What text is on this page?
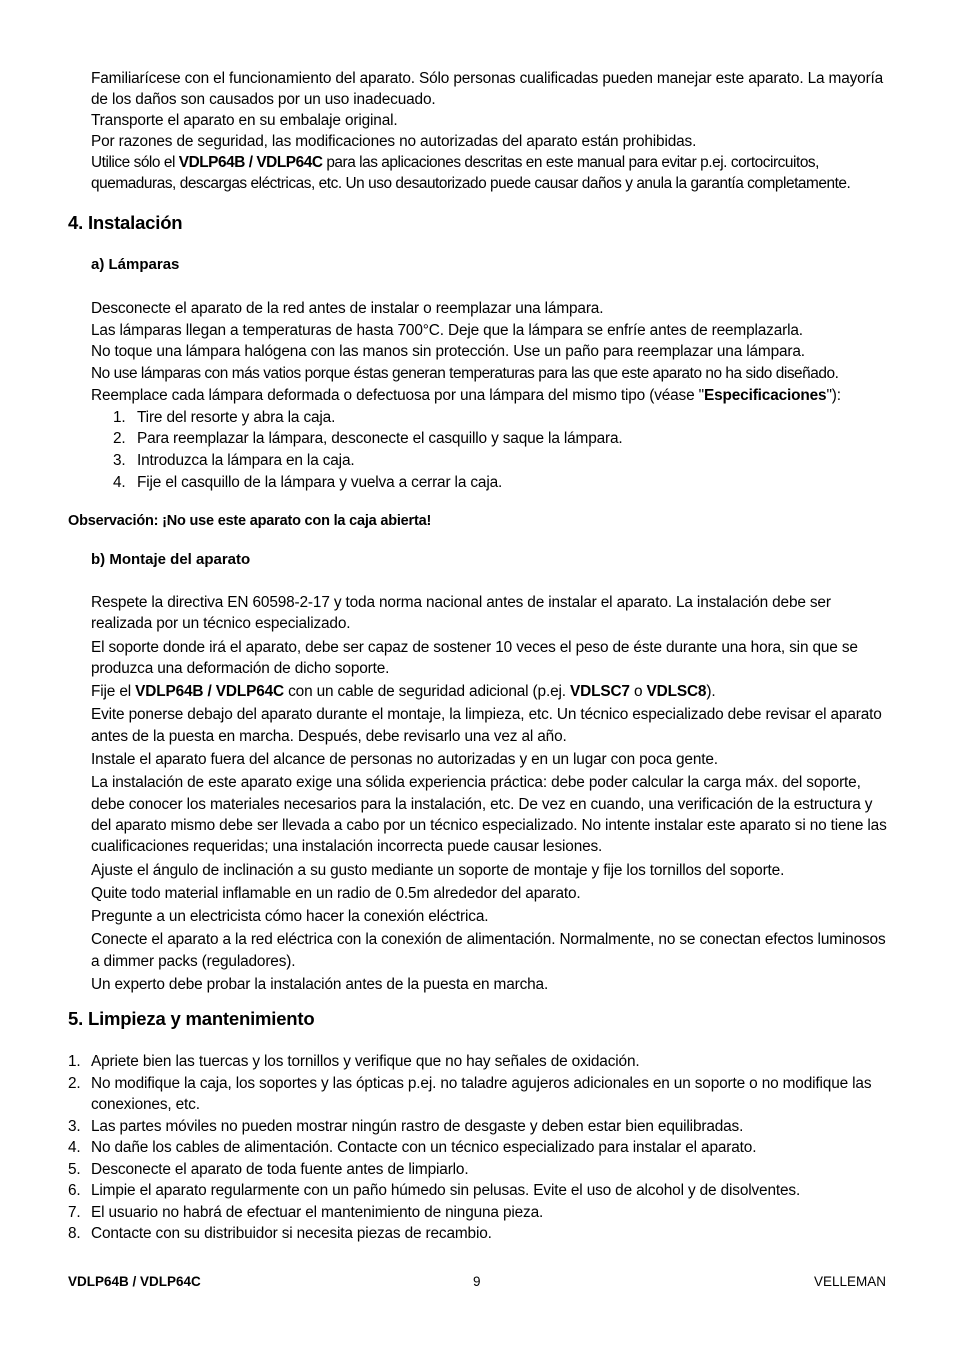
Familiarícese con el funcionamiento del aparato. Sólo personas cualificadas pueden manejar este aparato. La mayoría de los daños son causados por un uso inadecuado.

Transporte el aparato en su embalaje original.

Por razones de seguridad, las modificaciones no autorizadas del aparato están prohibidas.

Utilice sólo el VDLP64B / VDLP64C para las aplicaciones descritas en este manual para evitar p.ej. cortocircuitos, quemaduras, descargas eléctricas, etc. Un uso desautorizado puede causar daños y anula la garantía completamente.

4. Instalación
a) Lámparas

Desconecte el aparato de la red antes de instalar o reemplazar una lámpara.

Las lámparas llegan a temperaturas de hasta 700°C. Deje que la lámpara se enfríe antes de reemplazarla.

No toque una lámpara halógena con las manos sin protección. Use un paño para reemplazar una lámpara.

No use lámparas con más vatios porque éstas generan temperaturas para las que este aparato no ha sido diseñado.

Reemplace cada lámpara deformada o defectuosa por una lámpara del mismo tipo (véase "Especificaciones"):

1. Tire del resorte y abra la caja.
2. Para reemplazar la lámpara, desconecte el casquillo y saque la lámpara.
3. Introduzca la lámpara en la caja.
4. Fije el casquillo de la lámpara y vuelva a cerrar la caja.
Observación: ¡No use este aparato con la caja abierta!
b) Montaje del aparato

Respete la directiva EN 60598-2-17 y toda norma nacional antes de instalar el aparato. La instalación debe ser realizada por un técnico especializado.

El soporte donde irá el aparato, debe ser capaz de sostener 10 veces el peso de éste durante una hora, sin que se produzca una deformación de dicho soporte.

Fije el VDLP64B / VDLP64C con un cable de seguridad adicional (p.ej. VDLSC7 o VDLSC8).

Evite ponerse debajo del aparato durante el montaje, la limpieza, etc. Un técnico especializado debe revisar el aparato antes de la puesta en marcha. Después, debe revisarlo una vez al año.

Instale el aparato fuera del alcance de personas no autorizadas y en un lugar con poca gente.

La instalación de este aparato exige una sólida experiencia práctica: debe poder calcular la carga máx. del soporte, debe conocer los materiales necesarios para la instalación, etc. De vez en cuando, una verificación de la estructura y del aparato mismo debe ser llevada a cabo por un técnico especializado. No intente instalar este aparato si no tiene las cualificaciones requeridas; una instalación incorrecta puede causar lesiones.

Ajuste el ángulo de inclinación a su gusto mediante un soporte de montaje y fije los tornillos del soporte.

Quite todo material inflamable en un radio de 0.5m alrededor del aparato.

Pregunte a un electricista cómo hacer la conexión eléctrica.

Conecte el aparato a la red eléctrica con la conexión de alimentación. Normalmente, no se conectan efectos luminosos a dimmer packs (reguladores).

Un experto debe probar la instalación antes de la puesta en marcha.

5. Limpieza y mantenimiento
1. Apriete bien las tuercas y los tornillos y verifique que no hay señales de oxidación.
2. No modifique la caja, los soportes y las ópticas p.ej. no taladre agujeros adicionales en un soporte o no modifique las conexiones, etc.
3. Las partes móviles no pueden mostrar ningún rastro de desgaste y deben estar bien equilibradas.
4. No dañe los cables de alimentación. Contacte con un técnico especializado para instalar el aparato.
5. Desconecte el aparato de toda fuente antes de limpiarlo.
6. Limpie el aparato regularmente con un paño húmedo sin pelusas. Evite el uso de alcohol y de disolventes.
7. El usuario no habrá de efectuar el mantenimiento de ninguna pieza.
8. Contacte con su distribuidor si necesita piezas de recambio.
VDLP64B / VDLP64C	9	VELLEMAN
